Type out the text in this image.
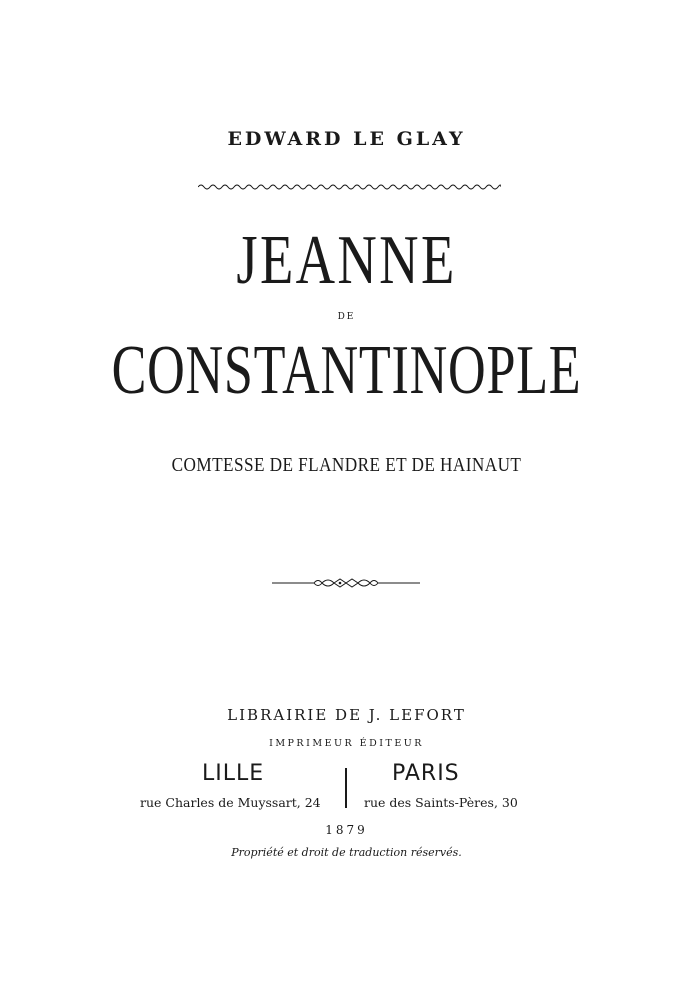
EDWARD LE GLAY
JEANNE
DE
CONSTANTINOPLE
COMTESSE DE FLANDRE ET DE HAINAUT
LIBRAIRIE DE J. LEFORT
IMPRIMEUR ÉDITEUR
LILLE	PARIS
rue Charles de Muyssart, 24	rue des Saints-Pères, 30
1879
Propriété et droit de traduction réservés.
